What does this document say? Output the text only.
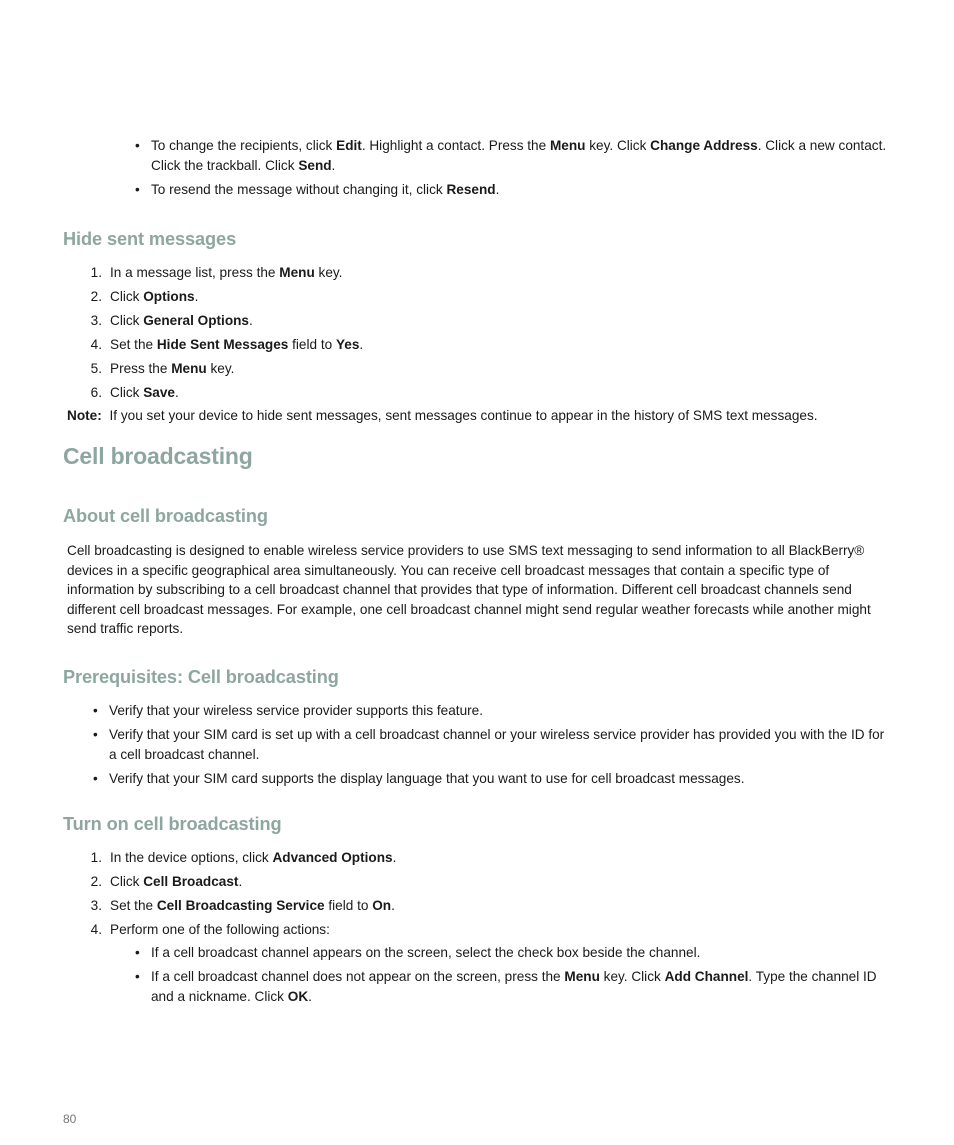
• To change the recipients, click Edit. Highlight a contact. Press the Menu key. Click Change Address. Click a new contact. Click the trackball. Click Send.
• To resend the message without changing it, click Resend.
Hide sent messages
1. In a message list, press the Menu key.
2. Click Options.
3. Click General Options.
4. Set the Hide Sent Messages field to Yes.
5. Press the Menu key.
6. Click Save.
Note: If you set your device to hide sent messages, sent messages continue to appear in the history of SMS text messages.
Cell broadcasting
About cell broadcasting

Cell broadcasting is designed to enable wireless service providers to use SMS text messaging to send information to all BlackBerry® devices in a specific geographical area simultaneously. You can receive cell broadcast messages that contain a specific type of information by subscribing to a cell broadcast channel that provides that type of information. Different cell broadcast channels send different cell broadcast messages. For example, one cell broadcast channel might send regular weather forecasts while another might send traffic reports.

Prerequisites: Cell broadcasting
• Verify that your wireless service provider supports this feature.
• Verify that your SIM card is set up with a cell broadcast channel or your wireless service provider has provided you with the ID for a cell broadcast channel.
• Verify that your SIM card supports the display language that you want to use for cell broadcast messages.
Turn on cell broadcasting
1. In the device options, click Advanced Options.
2. Click Cell Broadcast.
3. Set the Cell Broadcasting Service field to On.
4. Perform one of the following actions:
• If a cell broadcast channel appears on the screen, select the check box beside the channel.
• If a cell broadcast channel does not appear on the screen, press the Menu key. Click Add Channel. Type the channel ID and a nickname. Click OK.
80
